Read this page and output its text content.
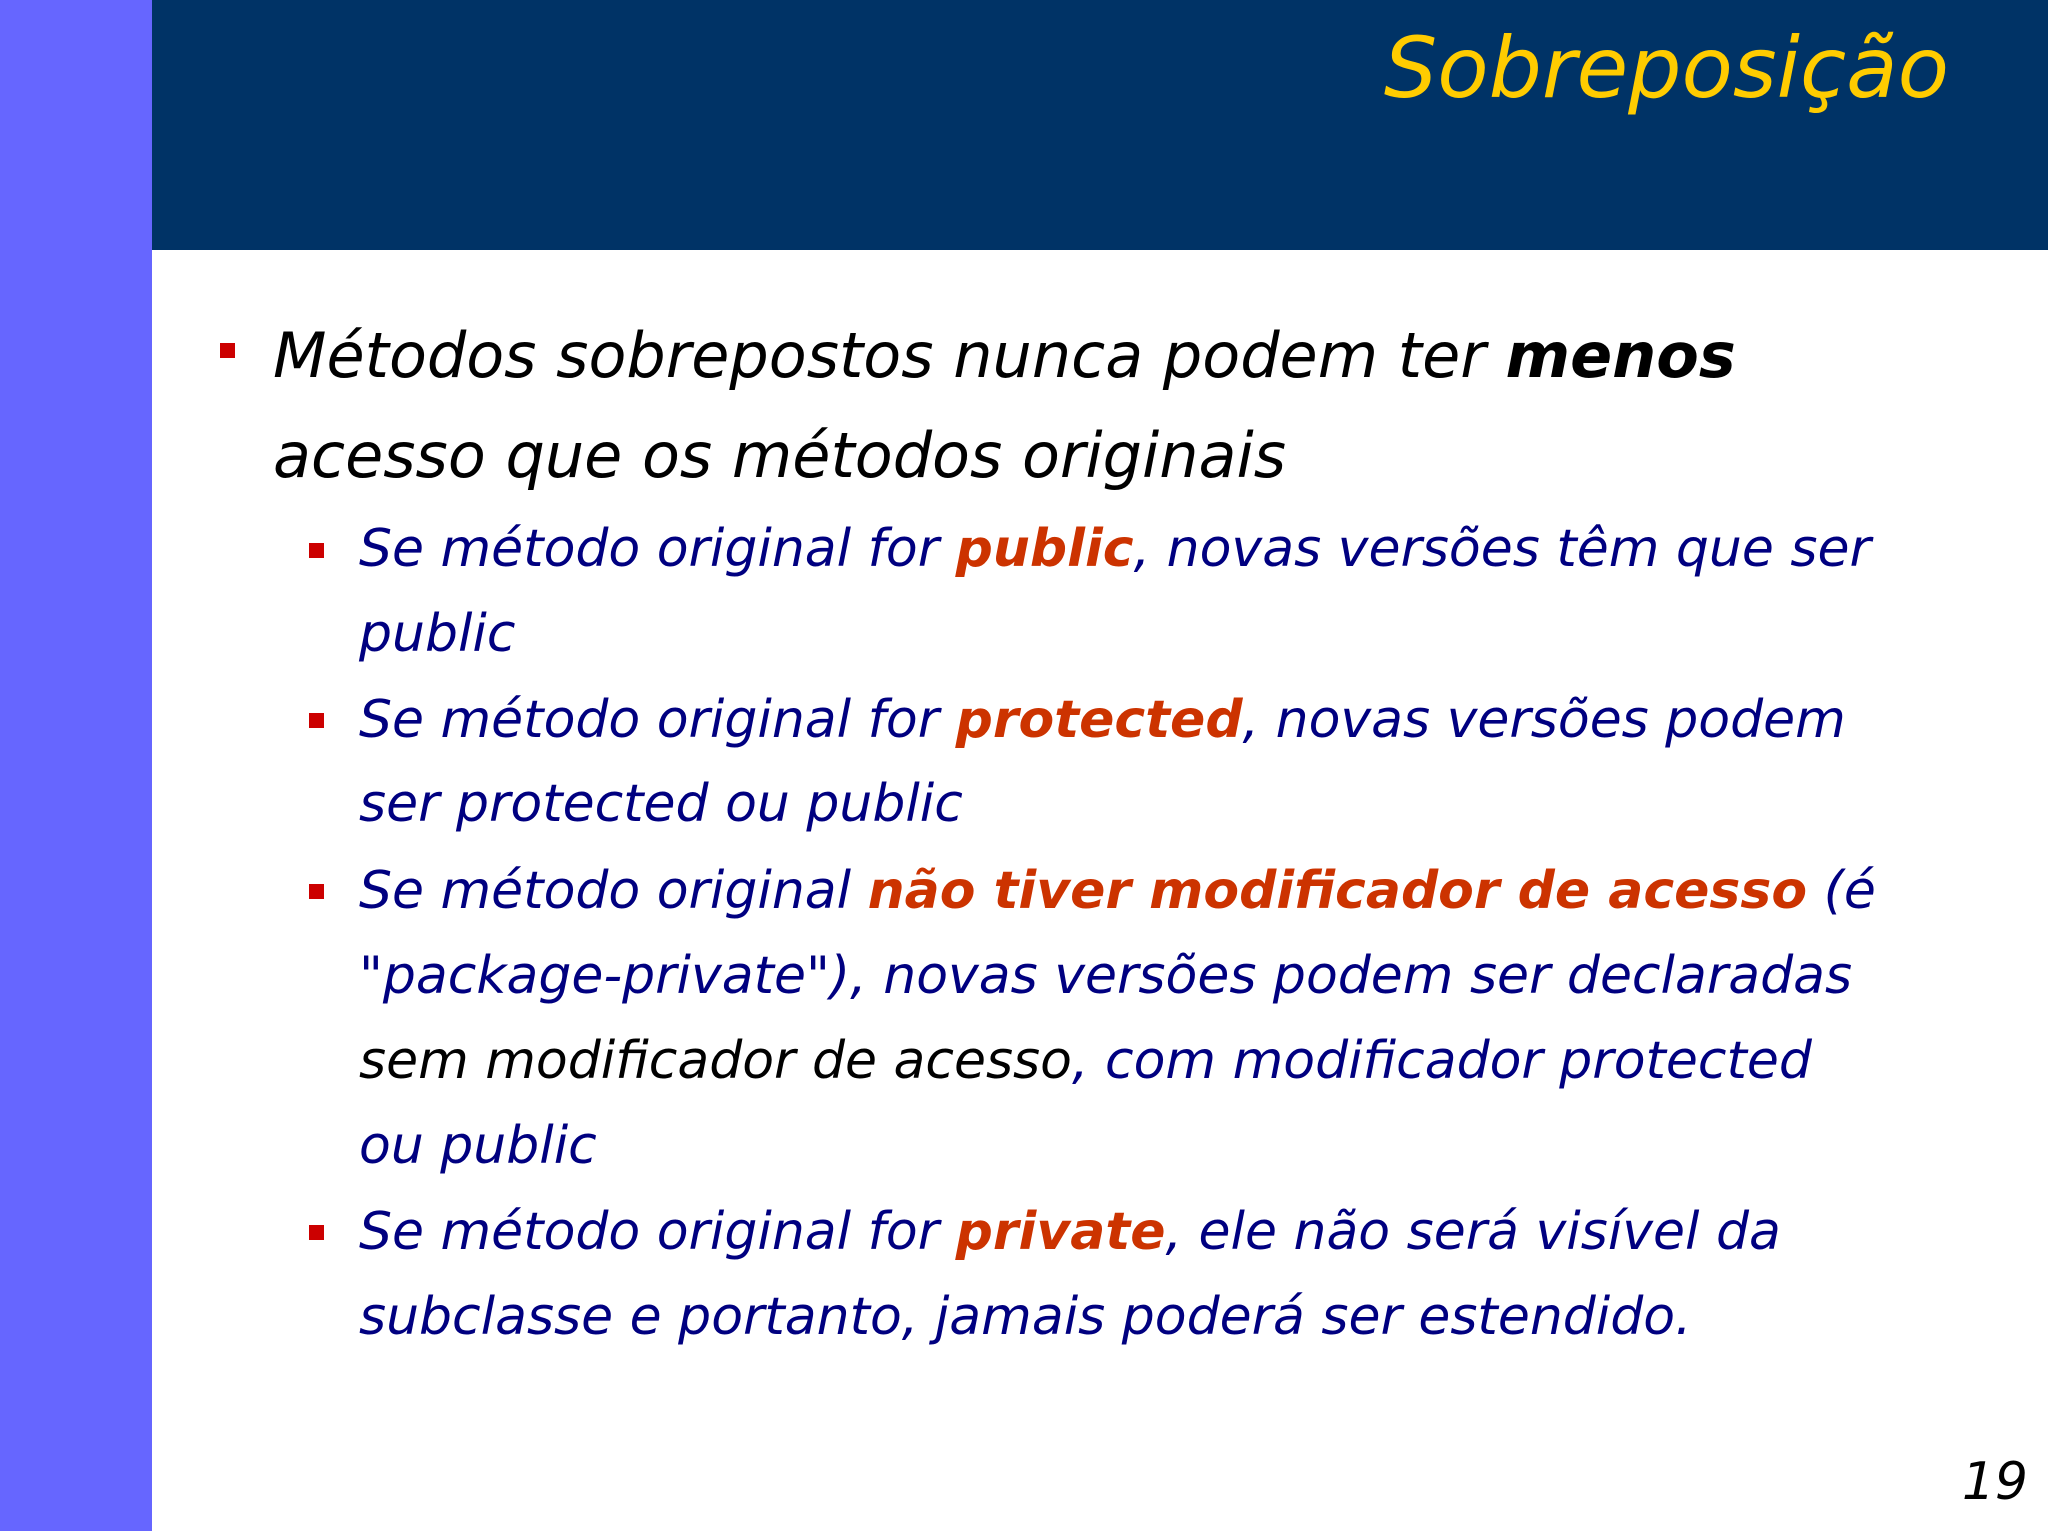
Sobreposição

Métodos sobrepostos nunca podem ter menos

acesso que os métodos originais

Se método original for public, novas versões têm que ser

public

Se método original for protected, novas versões podem

ser protected ou public

Se método original não tiver modificador de acesso (é

"package-private"), novas versões podem ser declaradas

sem modificador de acesso, com modificador protected

ou public

Se método original for private, ele não será visível da

subclasse e portanto, jamais poderá ser estendido.

19
